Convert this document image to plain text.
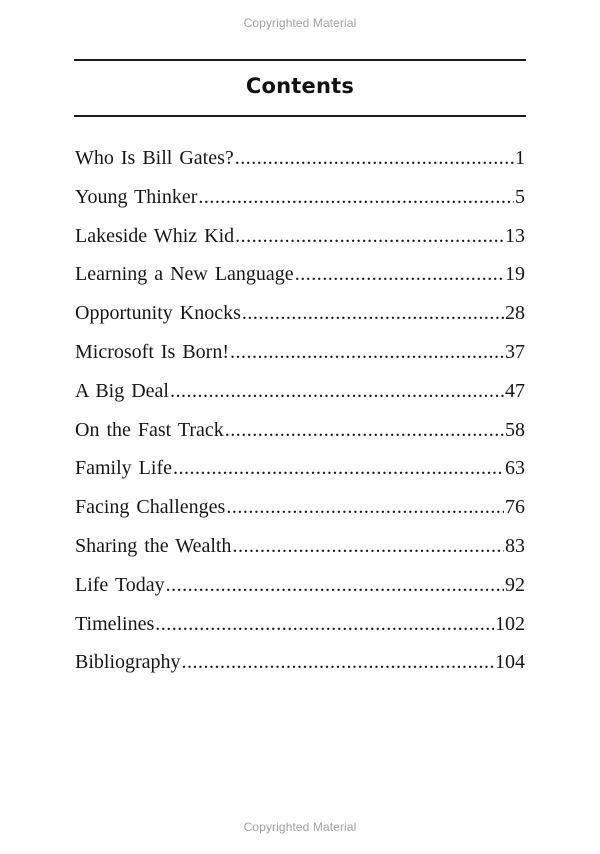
Copyrighted Material
Contents
Who Is Bill Gates? .....	1
Young Thinker .....	5
Lakeside Whiz Kid .....	13
Learning a New Language .....	19
Opportunity Knocks .....	28
Microsoft Is Born! .....	37
A Big Deal .....	47
On the Fast Track .....	58
Family Life .....	63
Facing Challenges .....	76
Sharing the Wealth .....	83
Life Today .....	92
Timelines .....	102
Bibliography .....	104
Copyrighted Material
